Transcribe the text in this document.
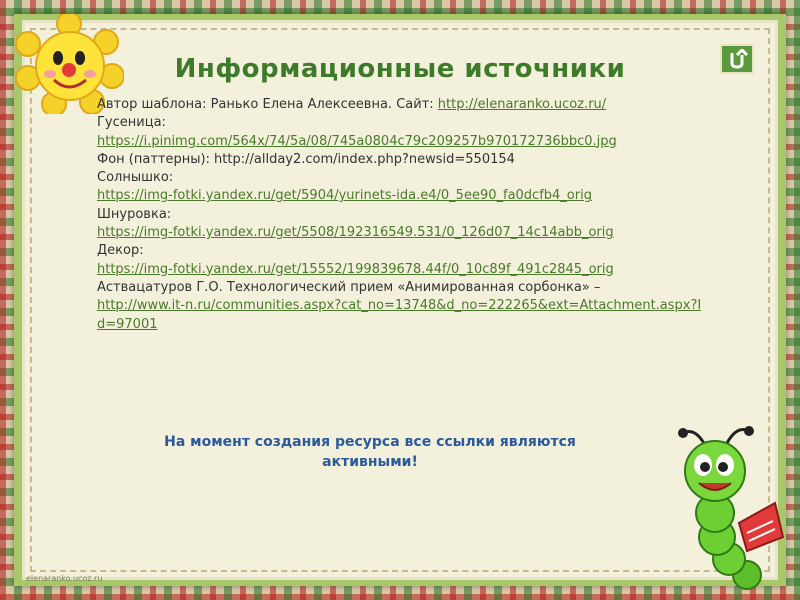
Информационные источники
Автор шаблона: Ранько Елена Алексеевна. Сайт: http://elenaranko.ucoz.ru/
Гусеница:
https://i.pinimg.com/564x/74/5a/08/745a0804c79c209257b970172736bbc0.jpg
Фон (паттерны): http://allday2.com/index.php?newsid=550154
Солнышко:
https://img-fotki.yandex.ru/get/5904/yurinets-ida.e4/0_5ee90_fa0dcfb4_orig
Шнуровка:
https://img-fotki.yandex.ru/get/5508/192316549.531/0_126d07_14c14abb_orig
Декор:
https://img-fotki.yandex.ru/get/15552/199839678.44f/0_10c89f_491c2845_orig
Аствацатуров Г.О. Технологический прием «Анимированная сорбонка» –
http://www.it-n.ru/communities.aspx?cat_no=13748&d_no=222265&ext=Attachment.aspx?Id=97001
На момент создания ресурса все ссылки являются активными!
elenaranko.ucoz.ru
